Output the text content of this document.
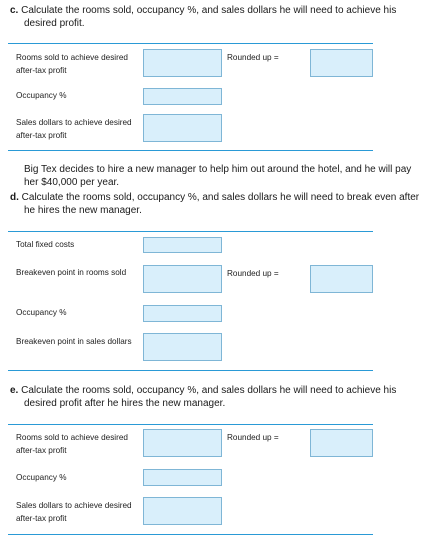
c. Calculate the rooms sold, occupancy %, and sales dollars he will need to achieve his desired profit.
Rooms sold to achieve desired after-tax profit
Rounded up =
Occupancy %
Sales dollars to achieve desired after-tax profit
Big Tex decides to hire a new manager to help him out around the hotel, and he will pay her $40,000 per year.
d. Calculate the rooms sold, occupancy %, and sales dollars he will need to break even after he hires the new manager.
Total fixed costs
Breakeven point in rooms sold	Rounded up =
Occupancy %
Breakeven point in sales dollars
e. Calculate the rooms sold, occupancy %, and sales dollars he will need to achieve his desired profit after he hires the new manager.
Rooms sold to achieve desired after-tax profit
Rounded up =
Occupancy %
Sales dollars to achieve desired after-tax profit
